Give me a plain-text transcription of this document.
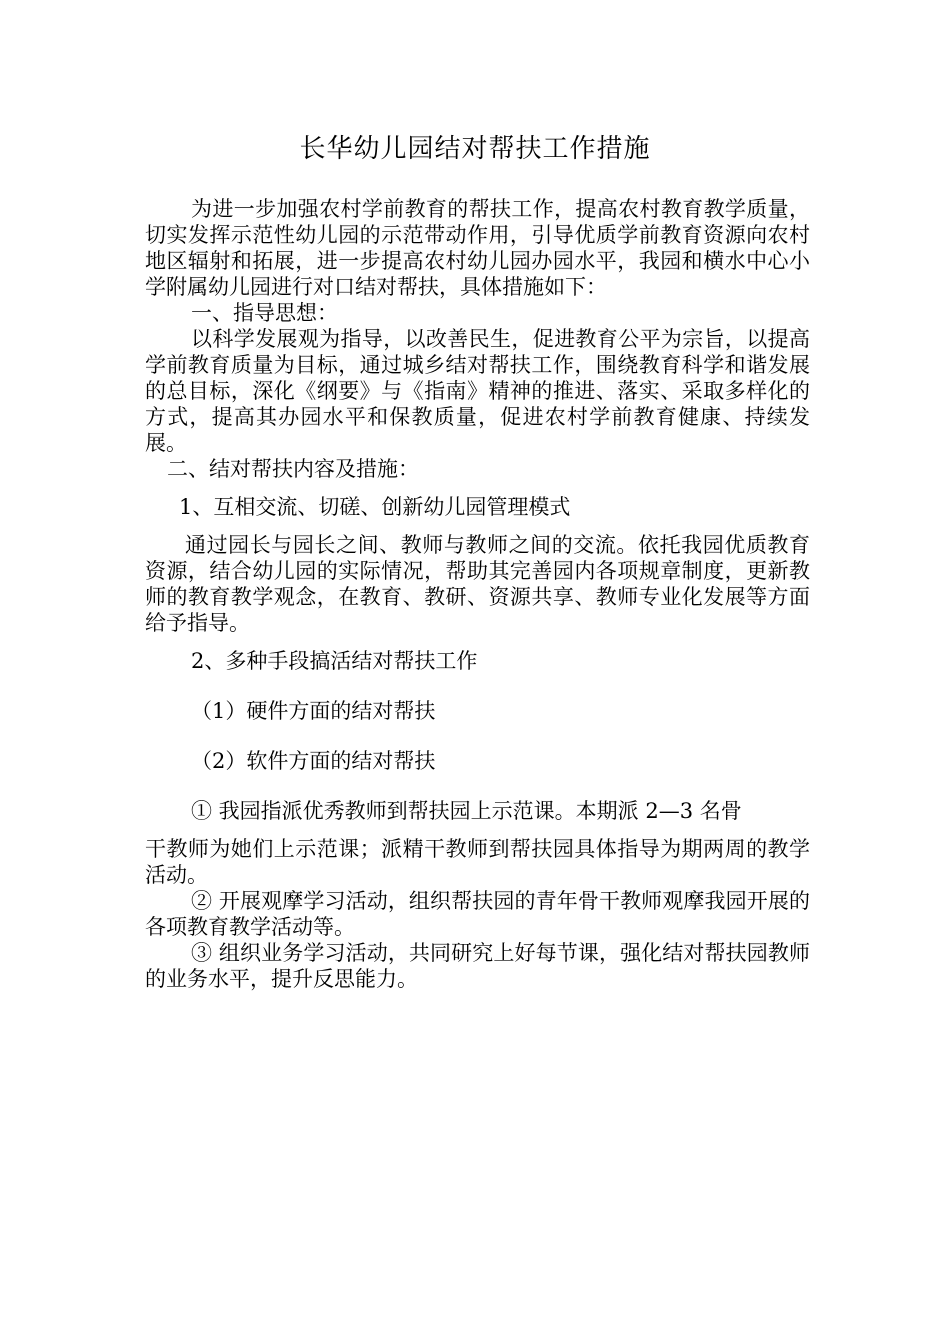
长华幼儿园结对帮扶工作措施

为进一步加强农村学前教育的帮扶工作，提高农村教育教学质量，切实发挥示范性幼儿园的示范带动作用，引导优质学前教育资源向农村地区辐射和拓展，进一步提高农村幼儿园办园水平，我园和横水中心小学附属幼儿园进行对口结对帮扶，具体措施如下：

一、指导思想：

以科学发展观为指导，以改善民生，促进教育公平为宗旨，以提高学前教育质量为目标，通过城乡结对帮扶工作，围绕教育科学和谐发展的总目标，深化《纲要》与《指南》精神的推进、落实、采取多样化的方式，提高其办园水平和保教质量，促进农村学前教育健康、持续发展。

二、结对帮扶内容及措施：

1、互相交流、切磋、创新幼儿园管理模式

通过园长与园长之间、教师与教师之间的交流。依托我园优质教育资源，结合幼儿园的实际情况，帮助其完善园内各项规章制度，更新教师的教育教学观念，在教育、教研、资源共享、教师专业化发展等方面给予指导。

2、多种手段搞活结对帮扶工作

（1）硬件方面的结对帮扶

（2）软件方面的结对帮扶

① 我园指派优秀教师到帮扶园上示范课。本期派 2—3 名骨

干教师为她们上示范课；派精干教师到帮扶园具体指导为期两周的教学活动。

② 开展观摩学习活动，组织帮扶园的青年骨干教师观摩我园开展的各项教育教学活动等。

③ 组织业务学习活动，共同研究上好每节课，强化结对帮扶园教师的业务水平，提升反思能力。
